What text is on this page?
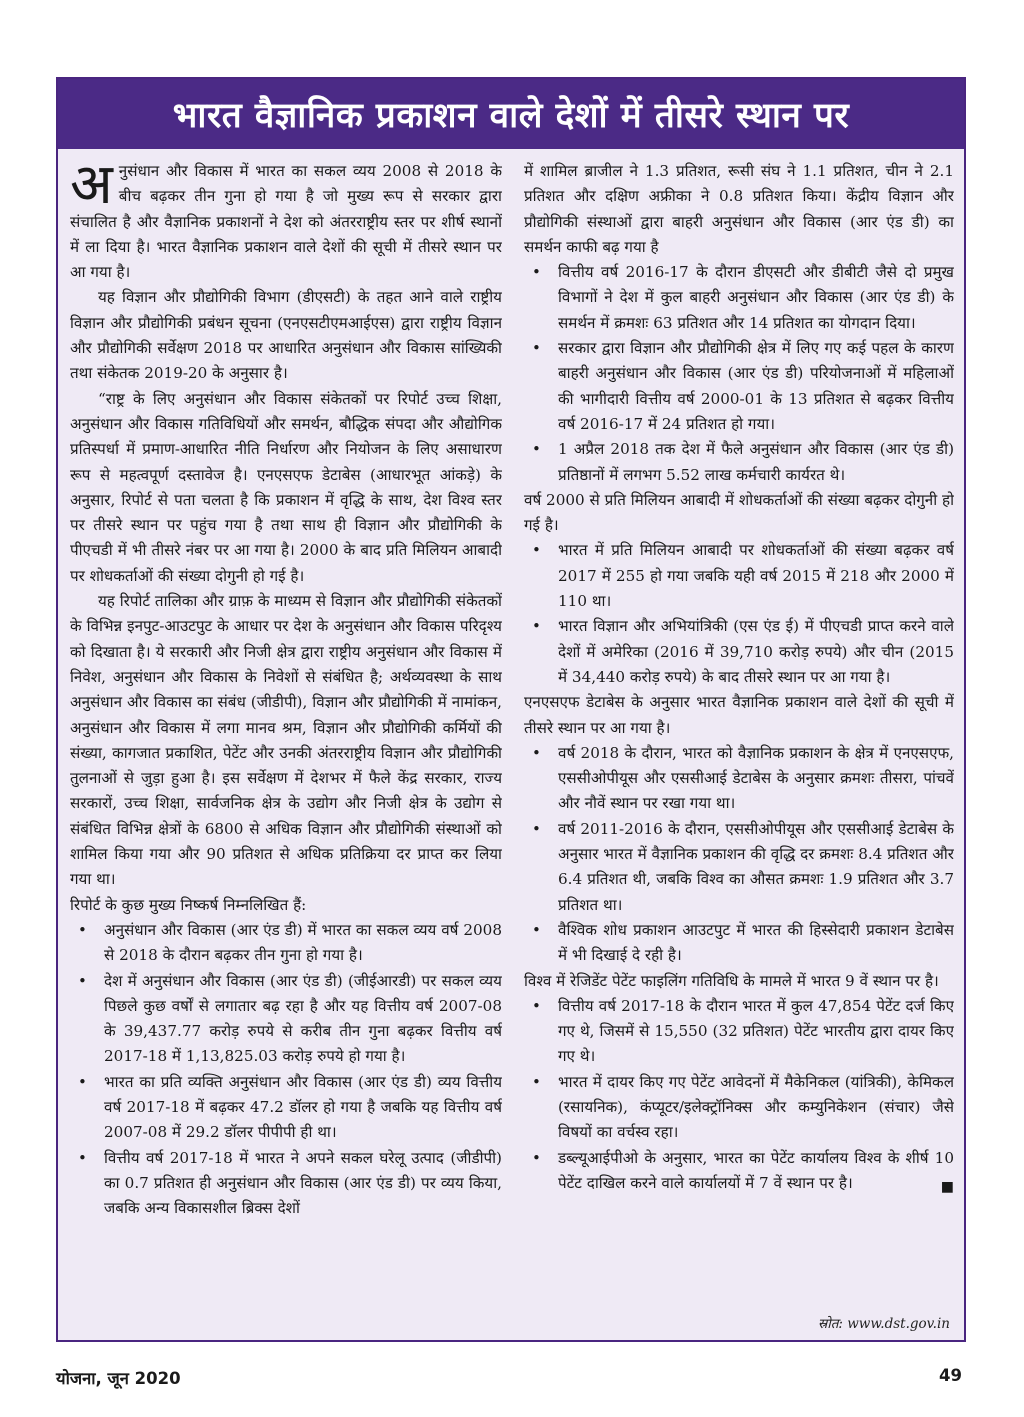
भारत वैज्ञानिक प्रकाशन वाले देशों में तीसरे स्थान पर

अनुसंधान और विकास में भारत का सकल व्यय 2008 से 2018 के बीच बढ़कर तीन गुना हो गया है जो मुख्य रूप से सरकार द्वारा संचालित है और वैज्ञानिक प्रकाशनों ने देश को अंतरराष्ट्रीय स्तर पर शीर्ष स्थानों में ला दिया है। भारत वैज्ञानिक प्रकाशन वाले देशों की सूची में तीसरे स्थान पर आ गया है।

यह विज्ञान और प्रौद्योगिकी विभाग (डीएसटी) के तहत आने वाले राष्ट्रीय विज्ञान और प्रौद्योगिकी प्रबंधन सूचना (एनएसटीएमआईएस) द्वारा राष्ट्रीय विज्ञान और प्रौद्योगिकी सर्वेक्षण 2018 पर आधारित अनुसंधान और विकास सांख्यिकी तथा संकेतक 2019-20 के अनुसार है।

“राष्ट्र के लिए अनुसंधान और विकास संकेतकों पर रिपोर्ट उच्च शिक्षा, अनुसंधान और विकास गतिविधियों और समर्थन, बौद्धिक संपदा और औद्योगिक प्रतिस्पर्धा में प्रमाण-आधारित नीति निर्धारण और नियोजन के लिए असाधारण रूप से महत्वपूर्ण दस्तावेज है। एनएसएफ डेटाबेस (आधारभूत आंकड़े) के अनुसार, रिपोर्ट से पता चलता है कि प्रकाशन में वृद्धि के साथ, देश विश्व स्तर पर तीसरे स्थान पर पहुंच गया है तथा साथ ही विज्ञान और प्रौद्योगिकी के पीएचडी में भी तीसरे नंबर पर आ गया है। 2000 के बाद प्रति मिलियन आबादी पर शोधकर्ताओं की संख्या दोगुनी हो गई है।

यह रिपोर्ट तालिका और ग्राफ़ के माध्यम से विज्ञान और प्रौद्योगिकी संकेतकों के विभिन्न इनपुट-आउटपुट के आधार पर देश के अनुसंधान और विकास परिदृश्य को दिखाता है। ये सरकारी और निजी क्षेत्र द्वारा राष्ट्रीय अनुसंधान और विकास में निवेश, अनुसंधान और विकास के निवेशों से संबंधित है; अर्थव्यवस्था के साथ अनुसंधान और विकास का संबंध (जीडीपी), विज्ञान और प्रौद्योगिकी में नामांकन, अनुसंधान और विकास में लगा मानव श्रम, विज्ञान और प्रौद्योगिकी कर्मियों की संख्या, कागजात प्रकाशित, पेटेंट और उनकी अंतरराष्ट्रीय विज्ञान और प्रौद्योगिकी तुलनाओं से जुड़ा हुआ है। इस सर्वेक्षण में देशभर में फैले केंद्र सरकार, राज्य सरकारों, उच्च शिक्षा, सार्वजनिक क्षेत्र के उद्योग और निजी क्षेत्र के उद्योग से संबंधित विभिन्न क्षेत्रों के 6800 से अधिक विज्ञान और प्रौद्योगिकी संस्थाओं को शामिल किया गया और 90 प्रतिशत से अधिक प्रतिक्रिया दर प्राप्त कर लिया गया था।

रिपोर्ट के कुछ मुख्य निष्कर्ष निम्नलिखित हैं:

• अनुसंधान और विकास (आर एंड डी) में भारत का सकल व्यय वर्ष 2008 से 2018 के दौरान बढ़कर तीन गुना हो गया है।
• देश में अनुसंधान और विकास (आर एंड डी) (जीईआरडी) पर सकल व्यय पिछले कुछ वर्षों से लगातार बढ़ रहा है और यह वित्तीय वर्ष 2007-08 के 39,437.77 करोड़ रुपये से करीब तीन गुना बढ़कर वित्तीय वर्ष 2017-18 में 1,13,825.03 करोड़ रुपये हो गया है।
• भारत का प्रति व्यक्ति अनुसंधान और विकास (आर एंड डी) व्यय वित्तीय वर्ष 2017-18 में बढ़कर 47.2 डॉलर हो गया है जबकि यह वित्तीय वर्ष 2007-08 में 29.2 डॉलर पीपीपी ही था।
• वित्तीय वर्ष 2017-18 में भारत ने अपने सकल घरेलू उत्पाद (जीडीपी) का 0.7 प्रतिशत ही अनुसंधान और विकास (आर एंड डी) पर व्यय किया, जबकि अन्य विकासशील ब्रिक्स देशों

में शामिल ब्राजील ने 1.3 प्रतिशत, रूसी संघ ने 1.1 प्रतिशत, चीन ने 2.1 प्रतिशत और दक्षिण अफ्रीका ने 0.8 प्रतिशत किया। केंद्रीय विज्ञान और प्रौद्योगिकी संस्थाओं द्वारा बाहरी अनुसंधान और विकास (आर एंड डी) का समर्थन काफी बढ़ गया है

• वित्तीय वर्ष 2016-17 के दौरान डीएसटी और डीबीटी जैसे दो प्रमुख विभागों ने देश में कुल बाहरी अनुसंधान और विकास (आर एंड डी) के समर्थन में क्रमशः 63 प्रतिशत और 14 प्रतिशत का योगदान दिया।
• सरकार द्वारा विज्ञान और प्रौद्योगिकी क्षेत्र में लिए गए कई पहल के कारण बाहरी अनुसंधान और विकास (आर एंड डी) परियोजनाओं में महिलाओं की भागीदारी वित्तीय वर्ष 2000-01 के 13 प्रतिशत से बढ़कर वित्तीय वर्ष 2016-17 में 24 प्रतिशत हो गया।
• 1 अप्रैल 2018 तक देश में फैले अनुसंधान और विकास (आर एंड डी) प्रतिष्ठानों में लगभग 5.52 लाख कर्मचारी कार्यरत थे।

वर्ष 2000 से प्रति मिलियन आबादी में शोधकर्ताओं की संख्या बढ़कर दोगुनी हो गई है।

• भारत में प्रति मिलियन आबादी पर शोधकर्ताओं की संख्या बढ़कर वर्ष 2017 में 255 हो गया जबकि यही वर्ष 2015 में 218 और 2000 में 110 था।
• भारत विज्ञान और अभियांत्रिकी (एस एंड ई) में पीएचडी प्राप्त करने वाले देशों में अमेरिका (2016 में 39,710 करोड़ रुपये) और चीन (2015 में 34,440 करोड़ रुपये) के बाद तीसरे स्थान पर आ गया है।

एनएसएफ डेटाबेस के अनुसार भारत वैज्ञानिक प्रकाशन वाले देशों की सूची में तीसरे स्थान पर आ गया है।

• वर्ष 2018 के दौरान, भारत को वैज्ञानिक प्रकाशन के क्षेत्र में एनएसएफ, एससीओपीयूस और एससीआई डेटाबेस के अनुसार क्रमशः तीसरा, पांचवें और नौवें स्थान पर रखा गया था।
• वर्ष 2011-2016 के दौरान, एससीओपीयूस और एससीआई डेटाबेस के अनुसार भारत में वैज्ञानिक प्रकाशन की वृद्धि दर क्रमशः 8.4 प्रतिशत और 6.4 प्रतिशत थी, जबकि विश्व का औसत क्रमशः 1.9 प्रतिशत और 3.7 प्रतिशत था।
• वैश्विक शोध प्रकाशन आउटपुट में भारत की हिस्सेदारी प्रकाशन डेटाबेस में भी दिखाई दे रही है।

विश्व में रेजिडेंट पेटेंट फाइलिंग गतिविधि के मामले में भारत 9 वें स्थान पर है।

• वित्तीय वर्ष 2017-18 के दौरान भारत में कुल 47,854 पेटेंट दर्ज किए गए थे, जिसमें से 15,550 (32 प्रतिशत) पेटेंट भारतीय द्वारा दायर किए गए थे।
• भारत में दायर किए गए पेटेंट आवेदनों में मैकेनिकल (यांत्रिकी), केमिकल (रसायनिक), कंप्यूटर/इलेक्ट्रॉनिक्स और कम्युनिकेशन (संचार) जैसे विषयों का वर्चस्व रहा।
• डब्ल्यूआईपीओ के अनुसार, भारत का पेटेंट कार्यालय विश्व के शीर्ष 10 पेटेंट दाखिल करने वाले कार्यालयों में 7 वें स्थान पर है।	■
स्रोत: www.dst.gov.in
योजना, जून 2020	49
